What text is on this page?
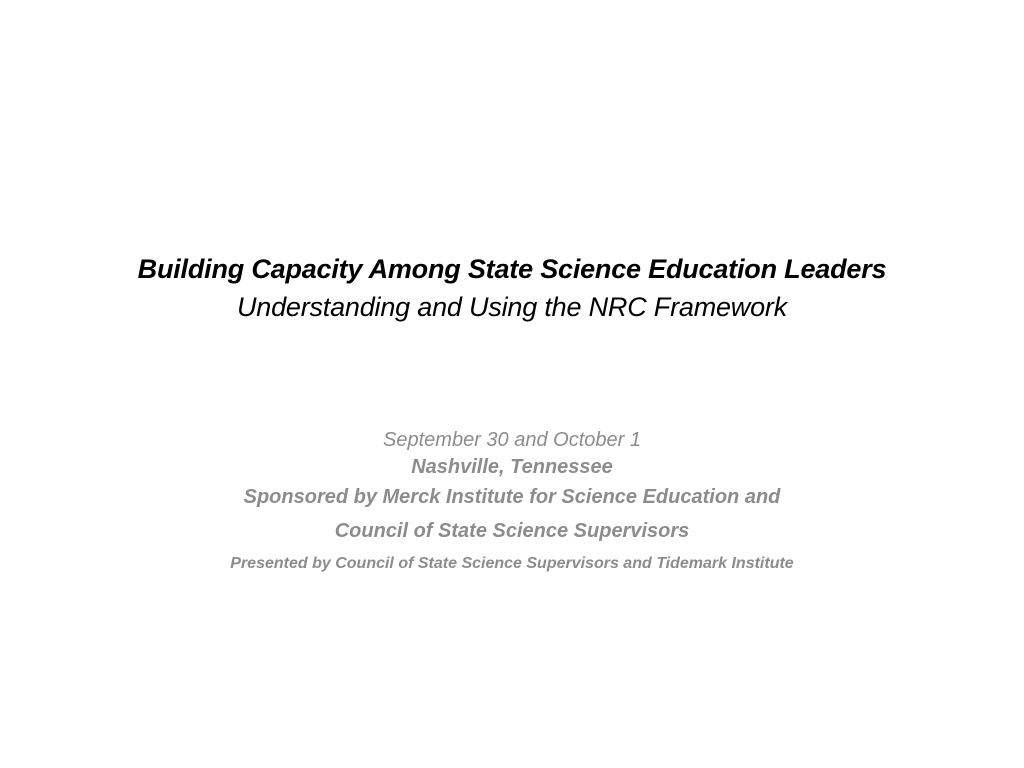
Building Capacity Among State Science Education Leaders
Understanding and Using the NRC Framework
September 30 and October 1
Nashville, Tennessee
Sponsored by Merck Institute for Science Education and
Council of State Science Supervisors
Presented by Council of State Science Supervisors and Tidemark Institute
